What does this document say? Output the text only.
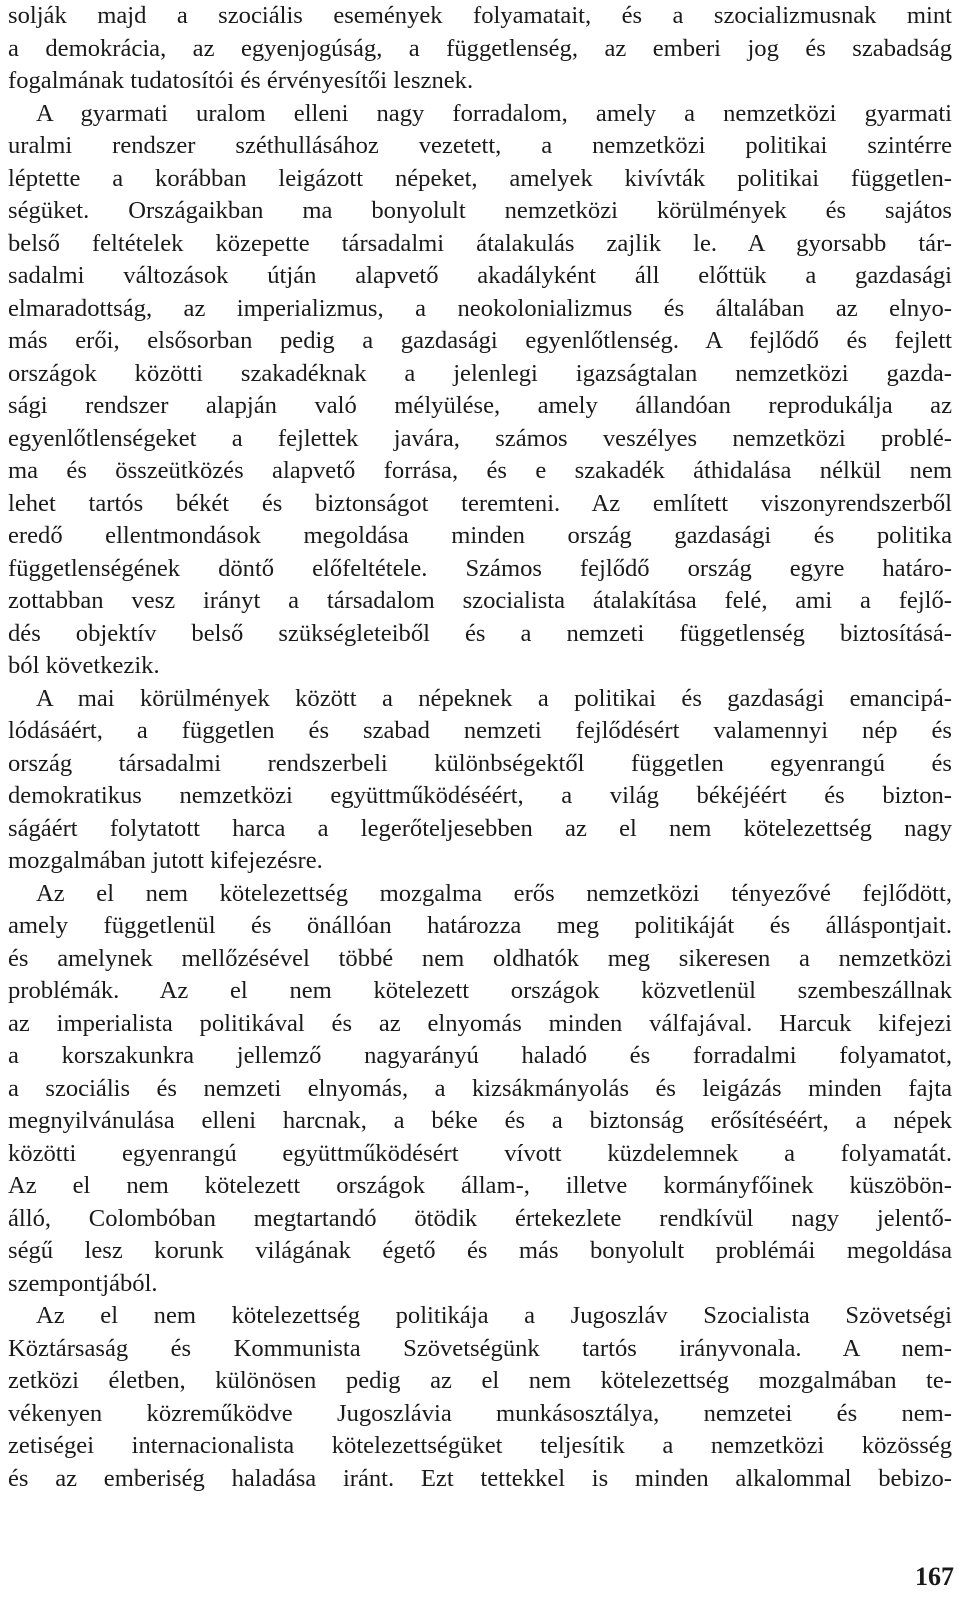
solják majd a szociális események folyamatait, és a szocializmusnak mint
a demokrácia, az egyenjogúság, a függetlenség, az emberi jog és szabadság
fogalmának tudatosítói és érvényesítői lesznek.
A gyarmati uralom elleni nagy forradalom, amely a nemzetközi gyarmati
uralmi rendszer széthullásához vezetett, a nemzetközi politikai szintérre
léptette a korábban leigázott népeket, amelyek kivívták politikai független-
ségüket. Országaikban ma bonyolult nemzetközi körülmények és sajátos
belső feltételek közepette társadalmi átalakulás zajlik le. A gyorsabb tár-
sadalmi változások útján alapvető akadályként áll előttük a gazdasági
elmaradottság, az imperializmus, a neokolonializmus és általában az elnyo-
más erői, elsősorban pedig a gazdasági egyenlőtlenség. A fejlődő és fejlett
országok közötti szakadéknak a jelenlegi igazságtalan nemzetközi gazda-
sági rendszer alapján való mélyülése, amely állandóan reprodukálja az
egyenlőtlenségeket a fejlettek javára, számos veszélyes nemzetközi problé-
ma és összeütközés alapvető forrása, és e szakadék áthidalása nélkül nem
lehet tartós békét és biztonságot teremteni. Az említett viszonyrendszerből
eredő ellentmondások megoldása minden ország gazdasági és politika
függetlenségének döntő előfeltétele. Számos fejlődő ország egyre határo-
zottabban vesz irányt a társadalom szocialista átalakítása felé, ami a fejlő-
dés objektív belső szükségleteiből és a nemzeti függetlenség biztosításá-
ból következik.
A mai körülmények között a népeknek a politikai és gazdasági emancipá-
lódásáért, a független és szabad nemzeti fejlődésért valamennyi nép és
ország társadalmi rendszerbeli különbségektől független egyenrangú és
demokratikus nemzetközi együttműködéséért, a világ békéjéért és bizton-
ságáért folytatott harca a legerőteljesebben az el nem kötelezettség nagy
mozgalmában jutott kifejezésre.
Az el nem kötelezettség mozgalma erős nemzetközi tényezővé fejlődött,
amely függetlenül és önállóan határozza meg politikáját és álláspontjait.
és amelynek mellőzésével többé nem oldhatók meg sikeresen a nemzetközi
problémák. Az el nem kötelezett országok közvetlenül szembeszállnak
az imperialista politikával és az elnyomás minden válfajával. Harcuk kifejezi
a korszakunkra jellemző nagyarányú haladó és forradalmi folyamatot,
a szociális és nemzeti elnyomás, a kizsákmányolás és leigázás minden fajta
megnyilvánulása elleni harcnak, a béke és a biztonság erősítéséért, a népek
közötti egyenrangú együttműködésért vívott küzdelemnek a folyamatát.
Az el nem kötelezett országok állam-, illetve kormányfőinek küszöbön-
álló, Colombóban megtartandó ötödik értekezlete rendkívül nagy jelentő-
ségű lesz korunk világának égető és más bonyolult problémái megoldása
szempontjából.
Az el nem kötelezettség politikája a Jugoszláv Szocialista Szövetségi
Köztársaság és Kommunista Szövetségünk tartós irányvonala. A nem-
zetközi életben, különösen pedig az el nem kötelezettség mozgalmában te-
vékenyen közreműködve Jugoszlávia munkásosztálya, nemzetei és nem-
zetiségei internacionalista kötelezettségüket teljesítik a nemzetközi közösség
és az emberiség haladása iránt. Ezt tettekkel is minden alkalommal bebizo-
167
